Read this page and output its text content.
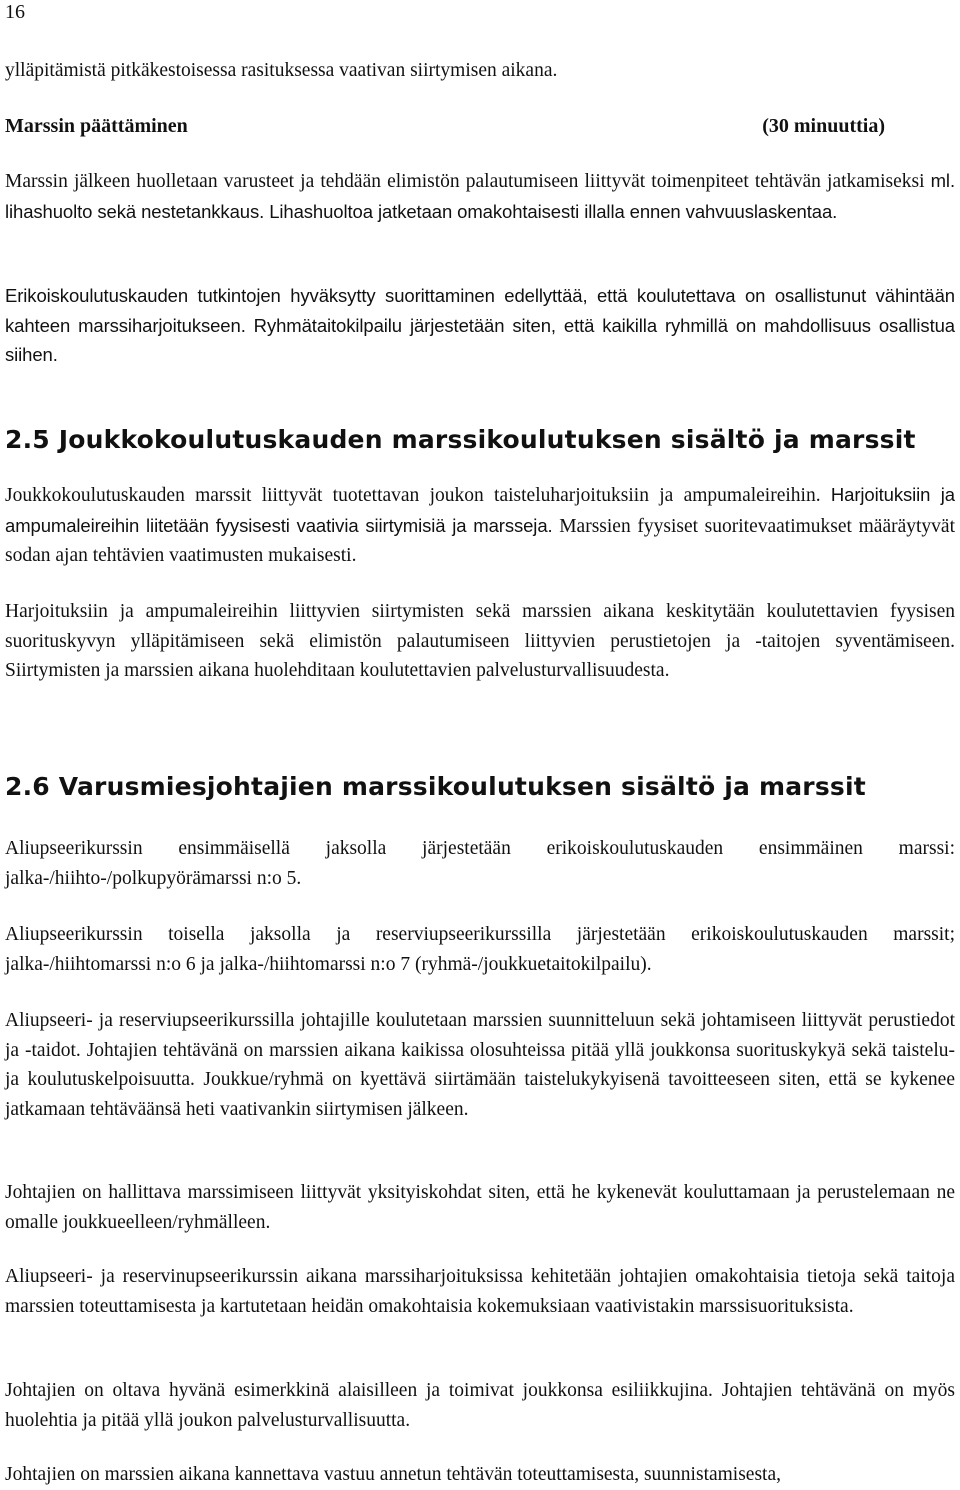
16

ylläpitämistä pitkäkestoisessa rasituksessa vaativan siirtymisen aikana.

Marssin päättäminen	(30 minuuttia)

Marssin jälkeen huolletaan varusteet ja tehdään elimistön palautumiseen liittyvät toimenpiteet tehtävän jatkamiseksi ml. lihashuolto sekä nestetankkaus. Lihashuoltoa jatketaan omakohtaisesti illalla ennen vahvuuslaskentaa.

Erikoiskoulutuskauden tutkintojen hyväksytty suorittaminen edellyttää, että koulutettava on osallistunut vähintään kahteen marssiharjoitukseen. Ryhmätaitokilpailu järjestetään siten, että kaikilla ryhmillä on mahdollisuus osallistua siihen.

2.5 Joukkokoulutuskauden marssikoulutuksen sisältö ja marssit

Joukkokoulutuskauden marssit liittyvät tuotettavan joukon taisteluharjoituksiin ja ampumaleireihin. Harjoituksiin ja ampumaleireihin liitetään fyysisesti vaativia siirtymisiä ja marsseja. Marssien fyysiset suoritevaatimukset määräytyvät sodan ajan tehtävien vaatimusten mukaisesti.

Harjoituksiin ja ampumaleireihin liittyvien siirtymisten sekä marssien aikana keskitytään koulutettavien fyysisen suorituskyvyn ylläpitämiseen sekä elimistön palautumiseen liittyvien perustietojen ja -taitojen syventämiseen. Siirtymisten ja marssien aikana huolehditaan koulutettavien palvelusturvallisuudesta.

2.6 Varusmiesjohtajien marssikoulutuksen sisältö ja marssit

Aliupseerikurssin ensimmäisellä jaksolla järjestetään erikoiskoulutuskauden ensimmäinen marssi: jalka-/hiihto-/polkupyörämarssi n:o 5.

Aliupseerikurssin toisella jaksolla ja reserviupseerikurssilla järjestetään erikoiskoulutuskauden marssit; jalka-/hiihtomarssi n:o 6 ja jalka-/hiihtomarssi n:o 7 (ryhmä-/joukkuetaitokilpailu).

Aliupseeri- ja reserviupseerikurssilla johtajille koulutetaan marssien suunnitteluun sekä johtamiseen liittyvät perustiedot ja -taidot. Johtajien tehtävänä on marssien aikana kaikissa olosuhteissa pitää yllä joukkonsa suorituskykyä sekä taistelu- ja koulutuskelpoisuutta. Joukkue/ryhmä on kyettävä siirtämään taistelukykyisenä tavoitteeseen siten, että se kykenee jatkamaan tehtäväänsä heti vaativankin siirtymisen jälkeen.

Johtajien on hallittava marssimiseen liittyvät yksityiskohdat siten, että he kykenevät kouluttamaan ja perustelemaan ne omalle joukkueelleen/ryhmälleen.

Aliupseeri- ja reservinupseerikurssin aikana marssiharjoituksissa kehitetään johtajien omakohtaisia tietoja sekä taitoja marssien toteuttamisesta ja kartutetaan heidän omakohtaisia kokemuksiaan vaativistakin marssisuorituksista.

Johtajien on oltava hyvänä esimerkkinä alaisilleen ja toimivat joukkonsa esiliikkujina. Johtajien tehtävänä on myös huolehtia ja pitää yllä joukon palvelusturvallisuutta.

Johtajien on marssien aikana kannettava vastuu annetun tehtävän toteuttamisesta, suunnistamisesta,
